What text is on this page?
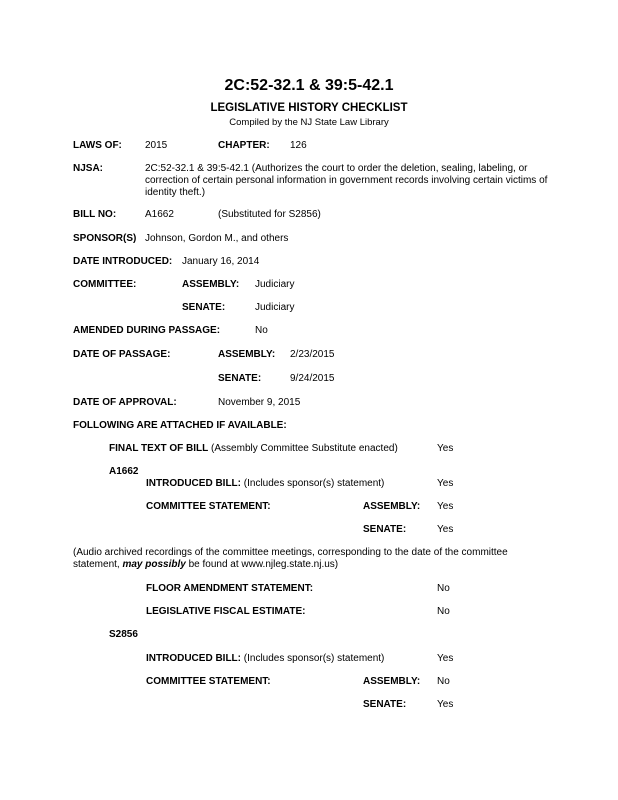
2C:52-32.1 & 39:5-42.1
LEGISLATIVE HISTORY CHECKLIST
Compiled by the NJ State Law Library
LAWS OF: 2015	CHAPTER: 126
NJSA:	2C:52-32.1 & 39:5-42.1 (Authorizes the court to order the deletion, sealing, labeling, or
correction of certain personal information in government records involving certain victims of
identity theft.)
BILL NO:	A1662	(Substituted for S2856)
SPONSOR(S) Johnson, Gordon M., and others
DATE INTRODUCED: January 16, 2014
COMMITTEE:	ASSEMBLY: Judiciary
SENATE:	Judiciary
AMENDED DURING PASSAGE:	No
DATE OF PASSAGE:	ASSEMBLY: 2/23/2015
SENATE:	9/24/2015
DATE OF APPROVAL:	November 9, 2015
FOLLOWING ARE ATTACHED IF AVAILABLE:
FINAL TEXT OF BILL (Assembly Committee Substitute enacted)	Yes
A1662
INTRODUCED BILL: (Includes sponsor(s) statement)	Yes
COMMITTEE STATEMENT:	ASSEMBLY: Yes
SENATE:	Yes
(Audio archived recordings of the committee meetings, corresponding to the date of the committee
statement, may possibly be found at www.njleg.state.nj.us)
FLOOR AMENDMENT STATEMENT:	No
LEGISLATIVE FISCAL ESTIMATE:	No
S2856
INTRODUCED BILL: (Includes sponsor(s) statement)	Yes
COMMITTEE STATEMENT:	ASSEMBLY: No
SENATE:	Yes
